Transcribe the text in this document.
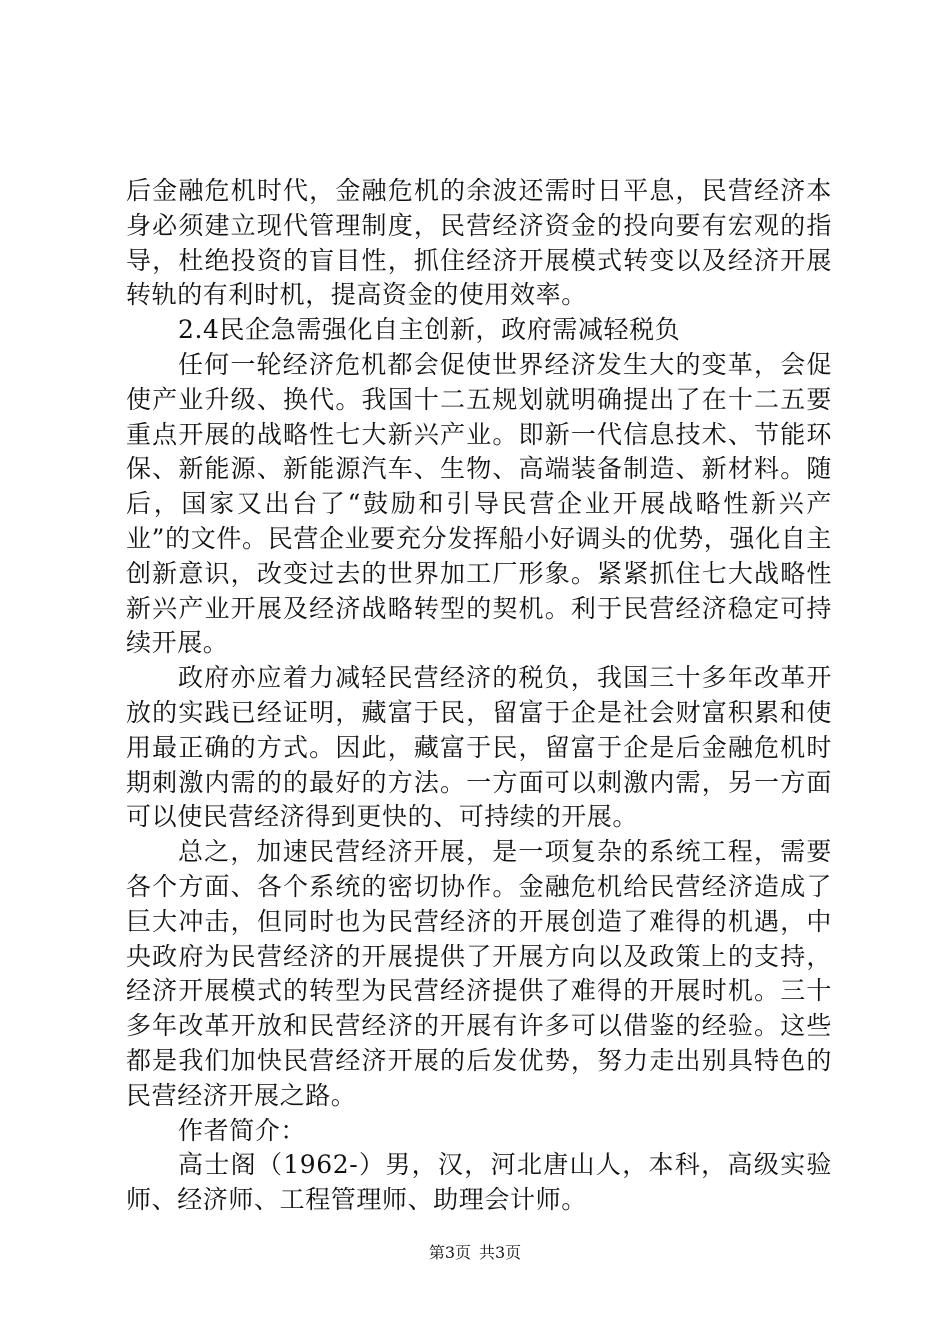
后金融危机时代，金融危机的余波还需时日平息，民营经济本身必须建立现代管理制度，民营经济资金的投向要有宏观的指导，杜绝投资的盲目性，抓住经济开展模式转变以及经济开展转轨的有利时机，提高资金的使用效率。

2.4民企急需强化自主创新，政府需减轻税负

任何一轮经济危机都会促使世界经济发生大的变革，会促使产业升级、换代。我国十二五规划就明确提出了在十二五要重点开展的战略性七大新兴产业。即新一代信息技术、节能环保、新能源、新能源汽车、生物、高端装备制造、新材料。随后，国家又出台了“鼓励和引导民营企业开展战略性新兴产业”的文件。民营企业要充分发挥船小好调头的优势，强化自主创新意识，改变过去的世界加工厂形象。紧紧抓住七大战略性新兴产业开展及经济战略转型的契机。利于民营经济稳定可持续开展。

政府亦应着力减轻民营经济的税负，我国三十多年改革开放的实践已经证明，藏富于民，留富于企是社会财富积累和使用最正确的方式。因此，藏富于民，留富于企是后金融危机时期刺激内需的的最好的方法。一方面可以刺激内需，另一方面可以使民营经济得到更快的、可持续的开展。

总之，加速民营经济开展，是一项复杂的系统工程，需要各个方面、各个系统的密切协作。金融危机给民营经济造成了巨大冲击，但同时也为民营经济的开展创造了难得的机遇，中央政府为民营经济的开展提供了开展方向以及政策上的支持，经济开展模式的转型为民营经济提供了难得的开展时机。三十多年改革开放和民营经济的开展有许多可以借鉴的经验。这些都是我们加快民营经济开展的后发优势，努力走出别具特色的民营经济开展之路。

作者简介：

高士阁（1962-）男，汉，河北唐山人，本科，高级实验师、经济师、工程管理师、助理会计师。

第3页 共3页
